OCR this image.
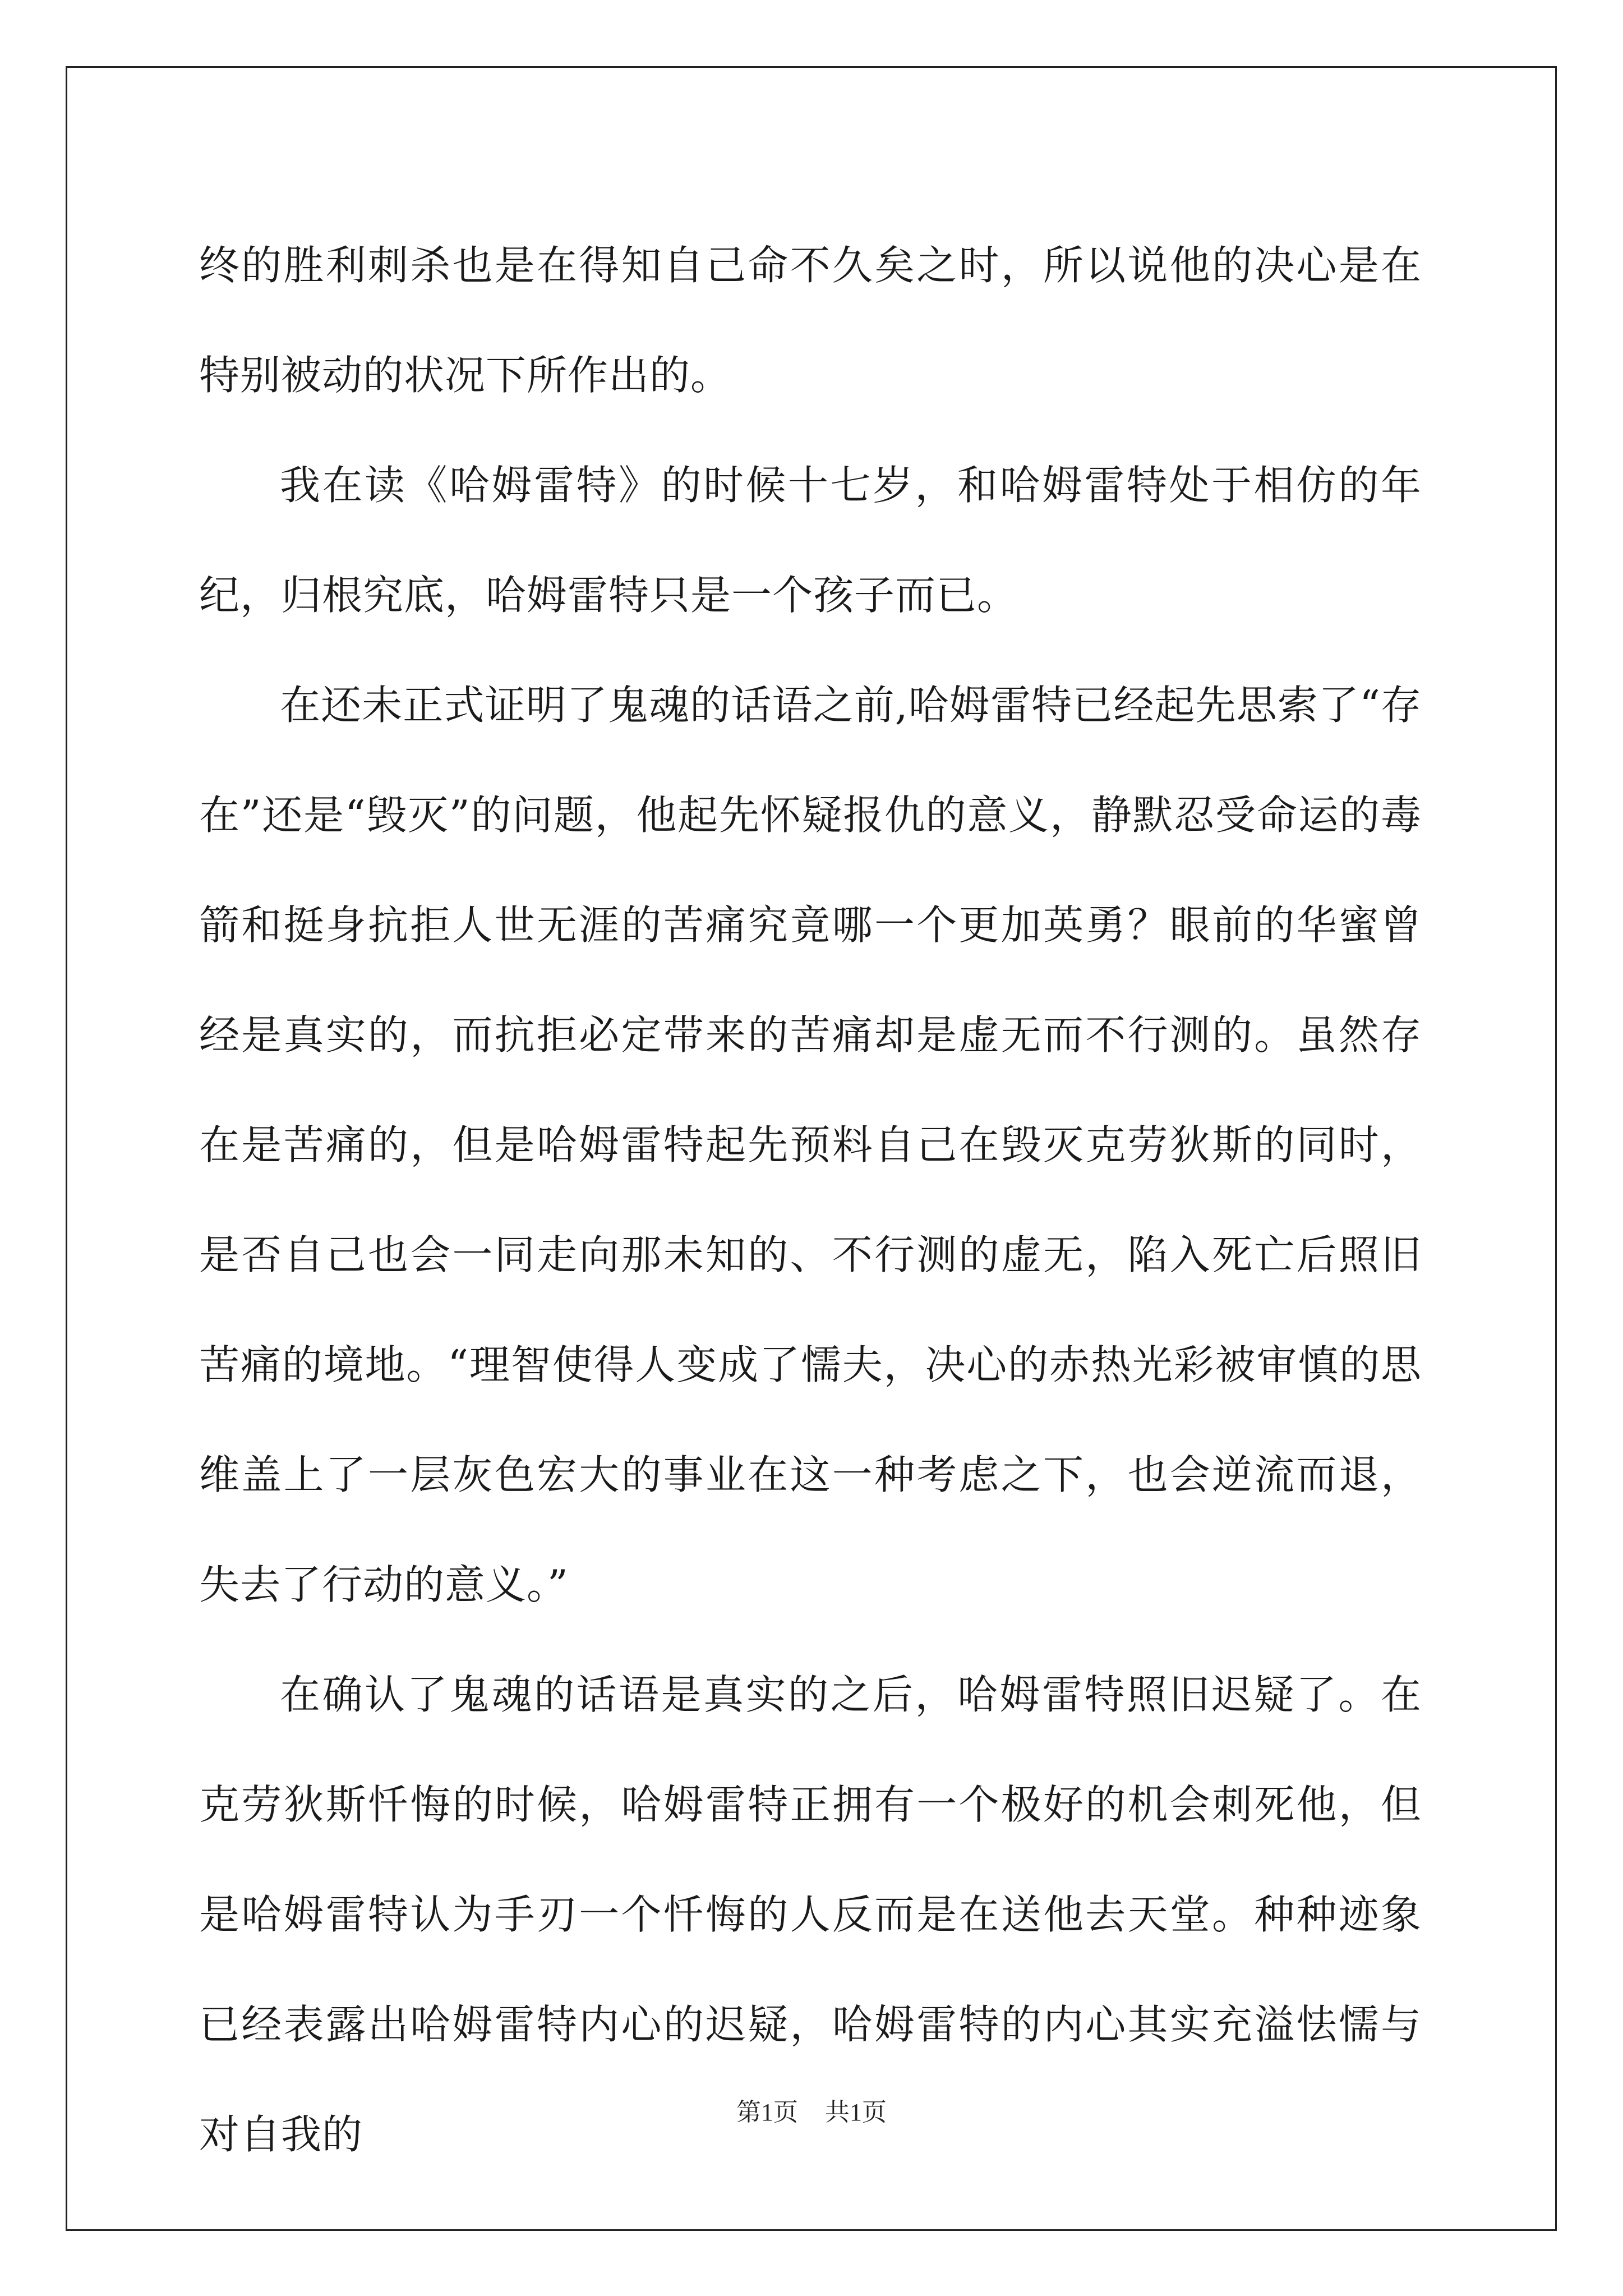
终的胜利刺杀也是在得知自己命不久矣之时，所以说他的决心是在特别被动的状况下所作出的。

我在读《哈姆雷特》的时候十七岁，和哈姆雷特处于相仿的年纪，归根究底，哈姆雷特只是一个孩子而已。

在还未正式证明了鬼魂的话语之前,哈姆雷特已经起先思索了“存在”还是“毁灭”的问题，他起先怀疑报仇的意义，静默忍受命运的毒箭和挺身抗拒人世无涯的苦痛究竟哪一个更加英勇？眼前的华蜜曾经是真实的，而抗拒必定带来的苦痛却是虚无而不行测的。虽然存在是苦痛的，但是哈姆雷特起先预料自己在毁灭克劳狄斯的同时，是否自己也会一同走向那未知的、不行测的虚无，陷入死亡后照旧苦痛的境地。“理智使得人变成了懦夫，决心的赤热光彩被审慎的思维盖上了一层灰色宏大的事业在这一种考虑之下，也会逆流而退，失去了行动的意义。”

在确认了鬼魂的话语是真实的之后，哈姆雷特照旧迟疑了。在克劳狄斯忏悔的时候，哈姆雷特正拥有一个极好的机会刺死他，但是哈姆雷特认为手刃一个忏悔的人反而是在送他去天堂。种种迹象已经表露出哈姆雷特内心的迟疑，哈姆雷特的内心其实充溢怯懦与对自我的	第1页 共1页
